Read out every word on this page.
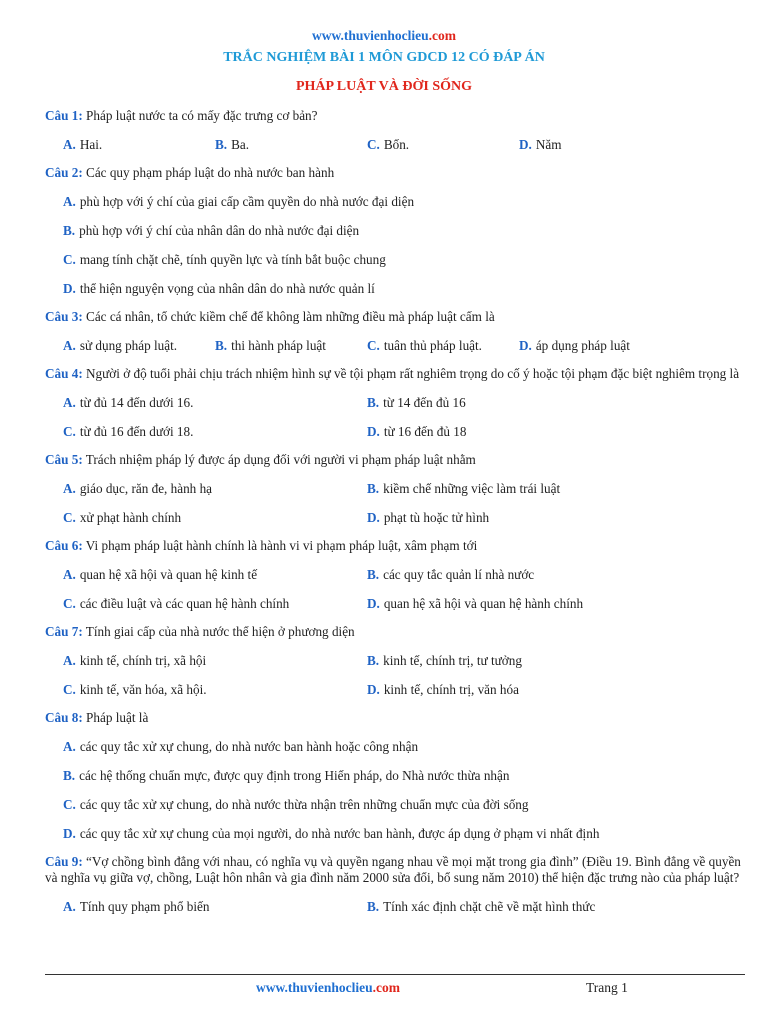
www.thuvienhoclieu.com
TRẮC NGHIỆM BÀI 1 MÔN GDCD 12 CÓ ĐÁP ÁN
PHÁP LUẬT VÀ ĐỜI SỐNG
Câu 1: Pháp luật nước ta có mấy đặc trưng cơ bản?
A. Hai.	B. Ba.	C. Bốn.	D. Năm
Câu 2: Các quy phạm pháp luật do nhà nước ban hành
A. phù hợp với ý chí của giai cấp cầm quyền do nhà nước đại diện
B. phù hợp với ý chí của nhân dân do nhà nước đại diện
C. mang tính chặt chẽ, tính quyền lực và tính bắt buộc chung
D. thể hiện nguyện vọng của nhân dân do nhà nước quản lí
Câu 3: Các cá nhân, tổ chức kiềm chế để không làm những điều mà pháp luật cấm là
A. sử dụng pháp luật.	B. thi hành pháp luật	C. tuân thủ pháp luật.	D. áp dụng pháp luật
Câu 4: Người ở độ tuổi phải chịu trách nhiệm hình sự về tội phạm rất nghiêm trọng do cố ý hoặc tội phạm đặc biệt nghiêm trọng là
A. từ đủ 14 đến dưới 16.	B. từ 14 đến đủ 16
C. từ đủ 16 đến dưới 18.	D. từ 16 đến đủ 18
Câu 5: Trách nhiệm pháp lý được áp dụng đối với người vi phạm pháp luật nhằm
A. giáo dục, răn đe, hành hạ	B. kiềm chế những việc làm trái luật
C. xử phạt hành chính	D. phạt tù hoặc tử hình
Câu 6: Vi phạm pháp luật hành chính là hành vi vi phạm pháp luật, xâm phạm tới
A. quan hệ xã hội và quan hệ kinh tế	B. các quy tắc quản lí nhà nước
C. các điều luật và các quan hệ hành chính	D. quan hệ xã hội và quan hệ hành chính
Câu 7: Tính giai cấp của nhà nước thể hiện ở phương diện
A. kinh tế, chính trị, xã hội	B. kinh tế, chính trị, tư tưởng
C. kinh tế, văn hóa, xã hội.	D. kinh tế, chính trị, văn hóa
Câu 8: Pháp luật là
A. các quy tắc xử xự chung, do nhà nước ban hành hoặc công nhận
B. các hệ thống chuẩn mực, được quy định trong Hiến pháp, do Nhà nước thừa nhận
C. các quy tắc xử xự chung, do nhà nước thừa nhận trên những chuẩn mực của đời sống
D. các quy tắc xử xự chung của mọi người, do nhà nước ban hành, được áp dụng ở phạm vi nhất định
Câu 9: “Vợ chồng bình đẳng với nhau, có nghĩa vụ và quyền ngang nhau về mọi mặt trong gia đình” (Điều 19. Bình đẳng về quyền và nghĩa vụ giữa vợ, chồng, Luật hôn nhân và gia đình năm 2000 sửa đổi, bổ sung năm 2010) thể hiện đặc trưng nào của pháp luật?
A. Tính quy phạm phổ biến	B. Tính xác định chặt chẽ về mặt hình thức
www.thuvienhoclieu.com	Trang 1
